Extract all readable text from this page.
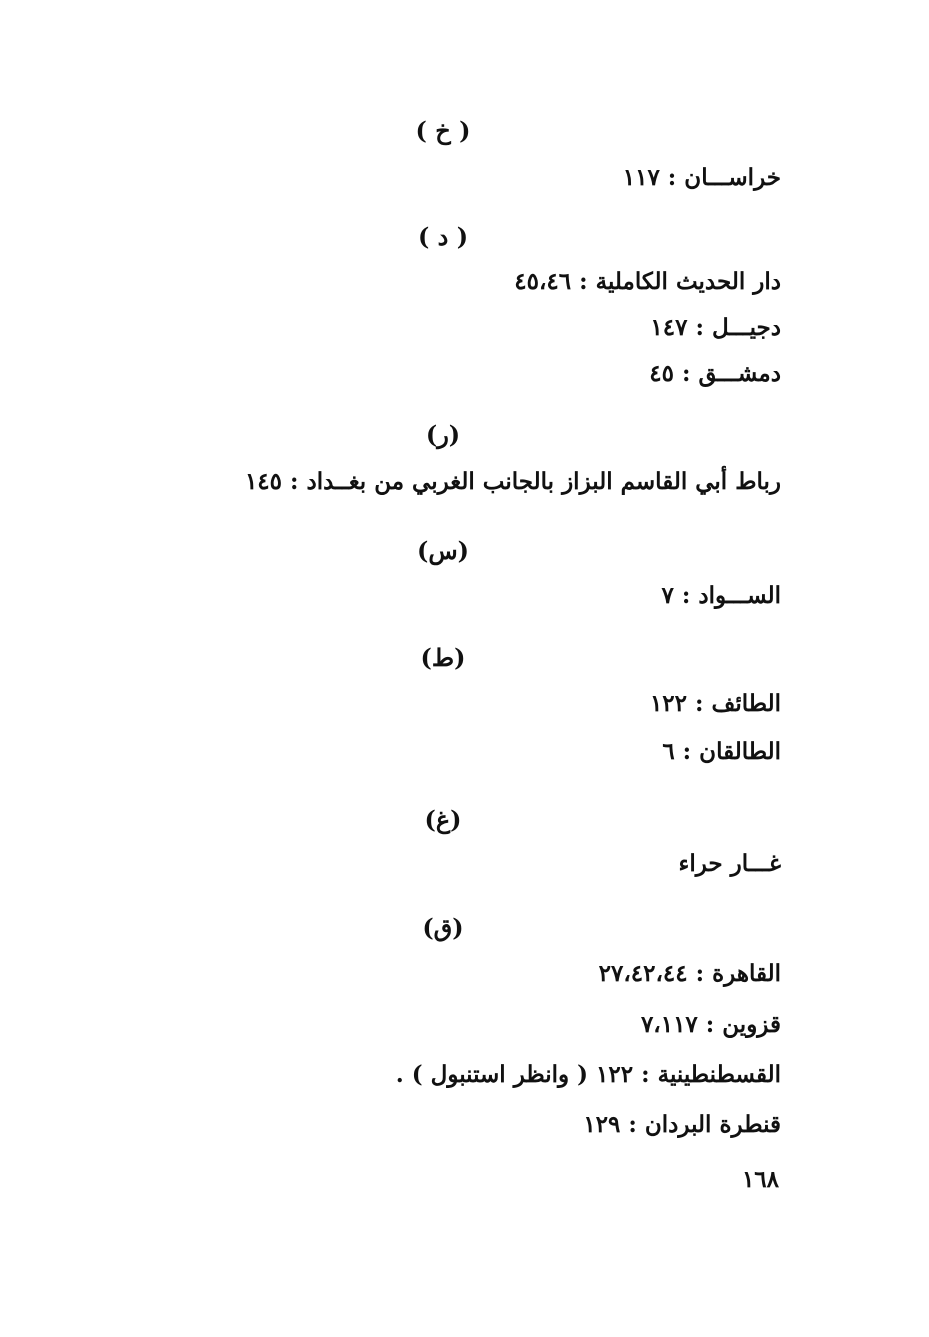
( خ )
خراســـان : ١١٧
( د )
دار الحديث الكاملية : ٤٥،٤٦
دجيـــل : ١٤٧
دمشـــق : ٤٥
(ر)
رباط أبي القاسم البزاز بالجانب الغربي من بغــداد : ١٤٥
(س)
الســـواد : ٧
(ط)
الطائف : ١٢٢
الطالقان : ٦
(غ)
غـــار حراء
(ق)
القاهرة : ٢٧،٤٢،٤٤
قزوين : ٧،١١٧
القسطنطينية : ١٢٢ ( وانظر استنبول ) .
قنطرة البردان : ١٢٩
١٦٨
